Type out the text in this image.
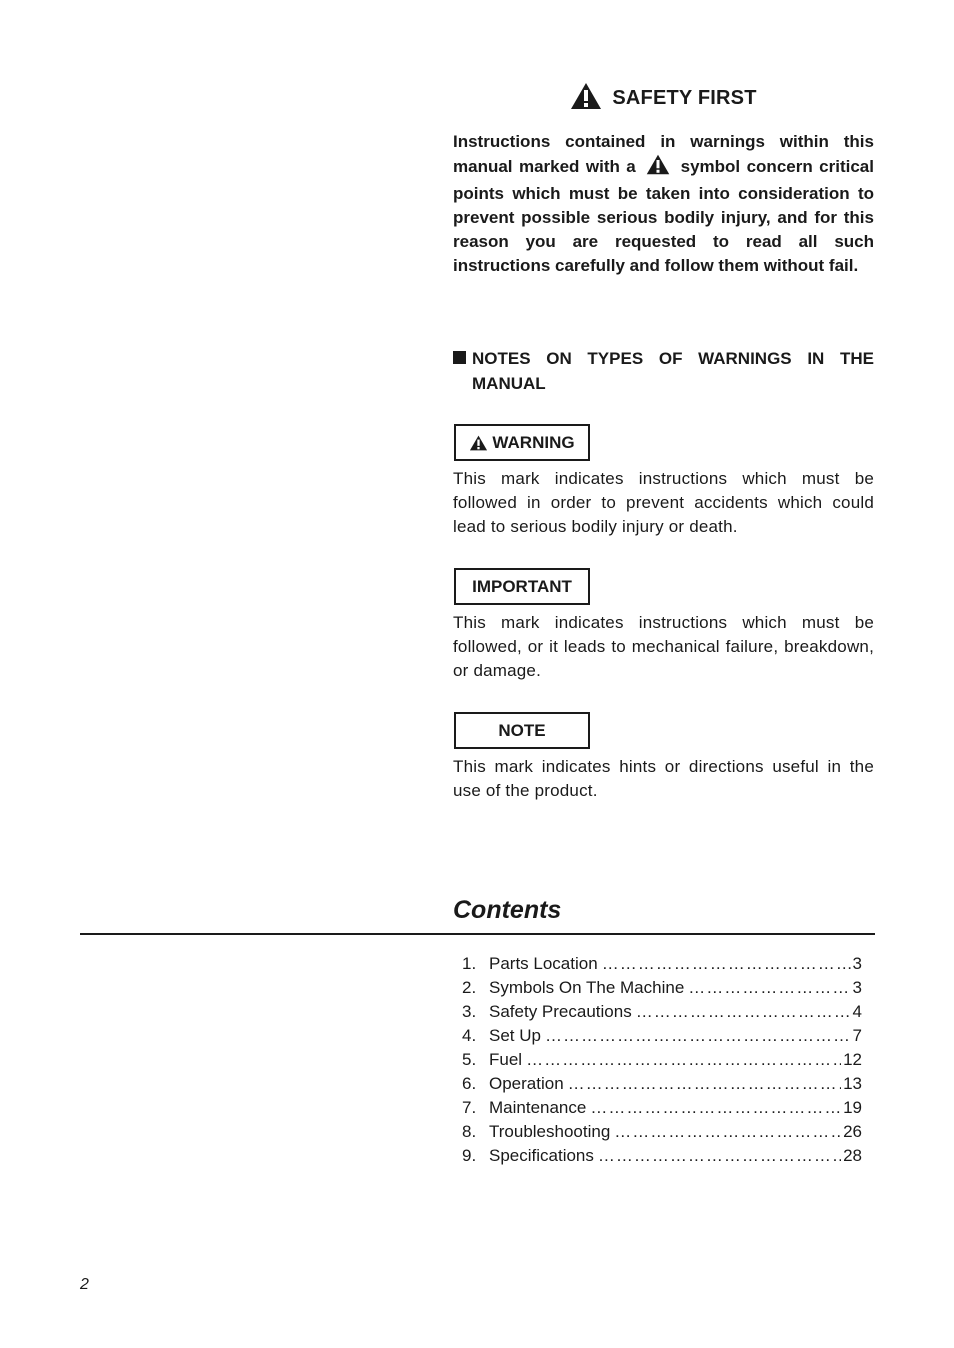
SAFETY FIRST
Instructions contained in warnings within this manual marked with a	symbol concern critical points which must be taken into consideration to prevent possible serious bodily injury, and for this reason you are requested to read all such instructions carefully and follow them without fail.
NOTES ON TYPES OF WARNINGS IN THE MANUAL
WARNING
This mark indicates instructions which must be followed in order to prevent accidents which could lead to serious bodily injury or death.
IMPORTANT
This mark indicates instructions which must be followed, or it leads to mechanical failure, breakdown, or damage.
NOTE
This mark indicates hints or directions useful in the use of the product.
Contents
1. Parts Location ……………………………………………………………………………………	3
2. Symbols On The Machine ……………………………………………………………………………………	3
3. Safety Precautions ……………………………………………………………………………………	4
4. Set Up ……………………………………………………………………………………	7
5. Fuel ……………………………………………………………………………………	12
6. Operation ……………………………………………………………………………………	13
7. Maintenance ……………………………………………………………………………………	19
8. Troubleshooting ……………………………………………………………………………………	26
9. Specifications ……………………………………………………………………………………	28
2
